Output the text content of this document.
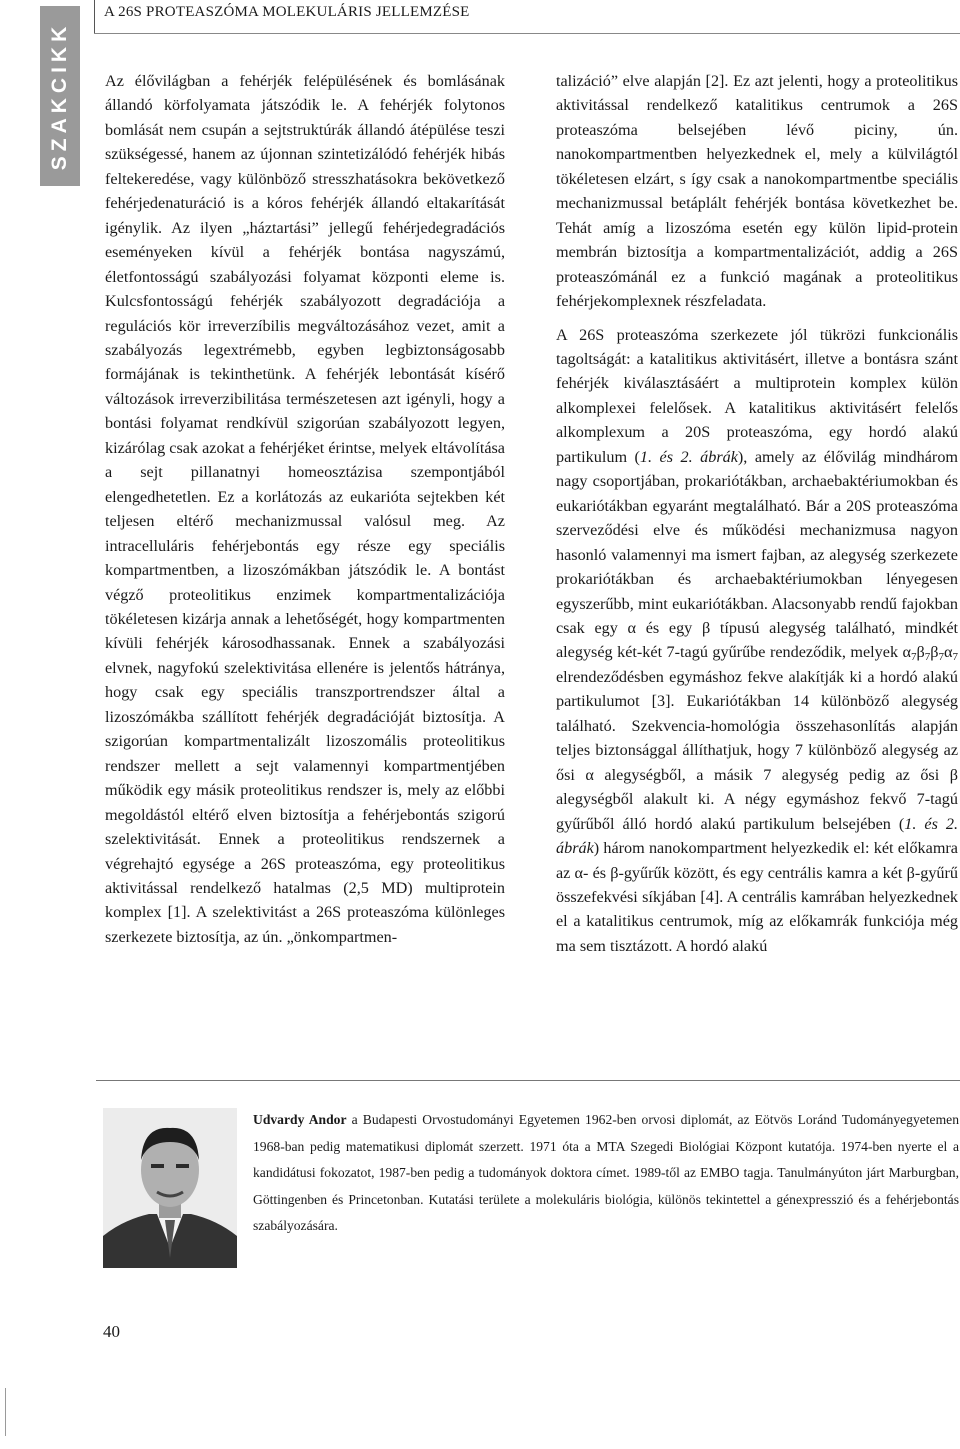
SZAKCIKK
A 26S PROTEASZÓMA MOLEKULÁRIS JELLEMZÉSE

Az élővilágban a fehérjék felépülésének és bomlásának állandó körfolyamata játszódik le. A fehérjék folytonos bomlását nem csupán a sejtstruktúrák állandó átépülése teszi szükségessé, hanem az újonnan szintetizálódó fehérjék hibás feltekeredése, vagy különböző stresszhatásokra bekövetkező fehérjedenaturáció is a kóros fehérjék állandó eltakarítását igénylik. Az ilyen „háztartási” jellegű fehérjedegradációs eseményeken kívül a fehérjék bontása nagyszámú, életfontosságú szabályozási folyamat központi eleme is. Kulcsfontosságú fehérjék szabályozott degradációja a regulációs kör irreverzíbilis megváltozásához vezet, amit a szabályozás legextrémebb, egyben legbiztonságosabb formájának is tekinthetünk. A fehérjék lebontását kísérő változások irreverzibilitása természetesen azt igényli, hogy a bontási folyamat rendkívül szigorúan szabályozott legyen, kizárólag csak azokat a fehérjéket érintse, melyek eltávolítása a sejt pillanatnyi homeosztázisa szempontjából elengedhetetlen. Ez a korlátozás az eukarióta sejtekben két teljesen eltérő mechanizmussal valósul meg. Az intracelluláris fehérjebontás egy része egy speciális kompartmentben, a lizoszómákban játszódik le. A bontást végző proteolitikus enzimek kompartmentalizációja tökéletesen kizárja annak a lehetőségét, hogy kompartmenten kívüli fehérjék károsodhassanak. Ennek a szabályozási elvnek, nagyfokú szelektivitása ellenére is jelentős hátránya, hogy csak egy speciális transzportrendszer által a lizoszómákba szállított fehérjék degradációját biztosítja. A szigorúan kompartmentalizált lizoszomális proteolitikus rendszer mellett a sejt valamennyi kompartmentjében működik egy másik proteolitikus rendszer is, mely az előbbi megoldástól eltérő elven biztosítja a fehérjebontás szigorú szelektivitását. Ennek a proteolitikus rendszernek a végrehajtó egysége a 26S proteaszóma, egy proteolitikus aktivitással rendelkező hatalmas (2,5 MD) multiprotein komplex [1]. A szelektivitást a 26S proteaszóma különleges szerkezete biztosítja, az ún. „önkompartmen-

talizáció” elve alapján [2]. Ez azt jelenti, hogy a proteolitikus aktivitással rendelkező katalitikus centrumok a 26S proteaszóma belsejében lévő piciny, ún. nanokompartmentben helyezkednek el, mely a külvilágtól tökéletesen elzárt, s így csak a nanokompartmentbe speciális mechanizmussal betáplált fehérjék bontása következhet be. Tehát amíg a lizoszóma esetén egy külön lipid-protein membrán biztosítja a kompartmentalizációt, addig a 26S proteaszómánál ez a funkció magának a proteolitikus fehérjekomplexnek részfeladata.

A 26S proteaszóma szerkezete jól tükrözi funkcionális tagoltságát: a katalitikus aktivitásért, illetve a bontásra szánt fehérjék kiválasztásáért a multiprotein komplex külön alkomplexei felelősek. A katalitikus aktivitásért felelős alkomplexum a 20S proteaszóma, egy hordó alakú partikulum (1. és 2. ábrák), amely az élővilág mindhárom nagy csoportjában, prokariótákban, archaebaktériumokban és eukariótákban egyaránt megtalálható. Bár a 20S proteaszóma szerveződési elve és működési mechanizmusa nagyon hasonló valamennyi ma ismert fajban, az alegység szerkezete prokariótákban és archaebaktériumokban lényegesen egyszerűbb, mint eukariótákban. Alacsonyabb rendű fajokban csak egy α és egy β típusú alegység található, mindkét alegység két-két 7-tagú gyűrűbe rendeződik, melyek $\alpha_7\beta_7\beta_7\alpha_7$ elrendeződésben egymáshoz fekve alakítják ki a hordó alakú partikulumot [3]. Eukariótákban 14 különböző alegység található. Szekvencia-homológia összehasonlítás alapján teljes biztonsággal állíthatjuk, hogy 7 különböző alegység az ősi α alegységből, a másik 7 alegység pedig az ősi β alegységből alakult ki. A négy egymáshoz fekvő 7-tagú gyűrűből álló hordó alakú partikulum belsejében (1. és 2. ábrák) három nanokompartment helyezkedik el: két előkamra az α- és β-gyűrűk között, és egy centrális kamra a két β-gyűrű összefekvési síkjában [4]. A centrális kamrában helyezkednek el a katalitikus centrumok, míg az előkamrák funkciója még ma sem tisztázott. A hordó alakú

Udvardy Andor a Budapesti Orvostudományi Egyetemen 1962-ben orvosi diplomát, az Eötvös Loránd Tudományegyetemen 1968-ban pedig matematikusi diplomát szerzett. 1971 óta a MTA Szegedi Biológiai Központ kutatója. 1974-ben nyerte el a kandidátusi fokozatot, 1987-ben pedig a tudományok doktora címet. 1989-től az EMBO tagja. Tanulmányúton járt Marburgban, Göttingenben és Princetonban. Kutatási területe a molekuláris biológia, különös tekintettel a génexpresszió és a fehérjebontás szabályozására.
40
